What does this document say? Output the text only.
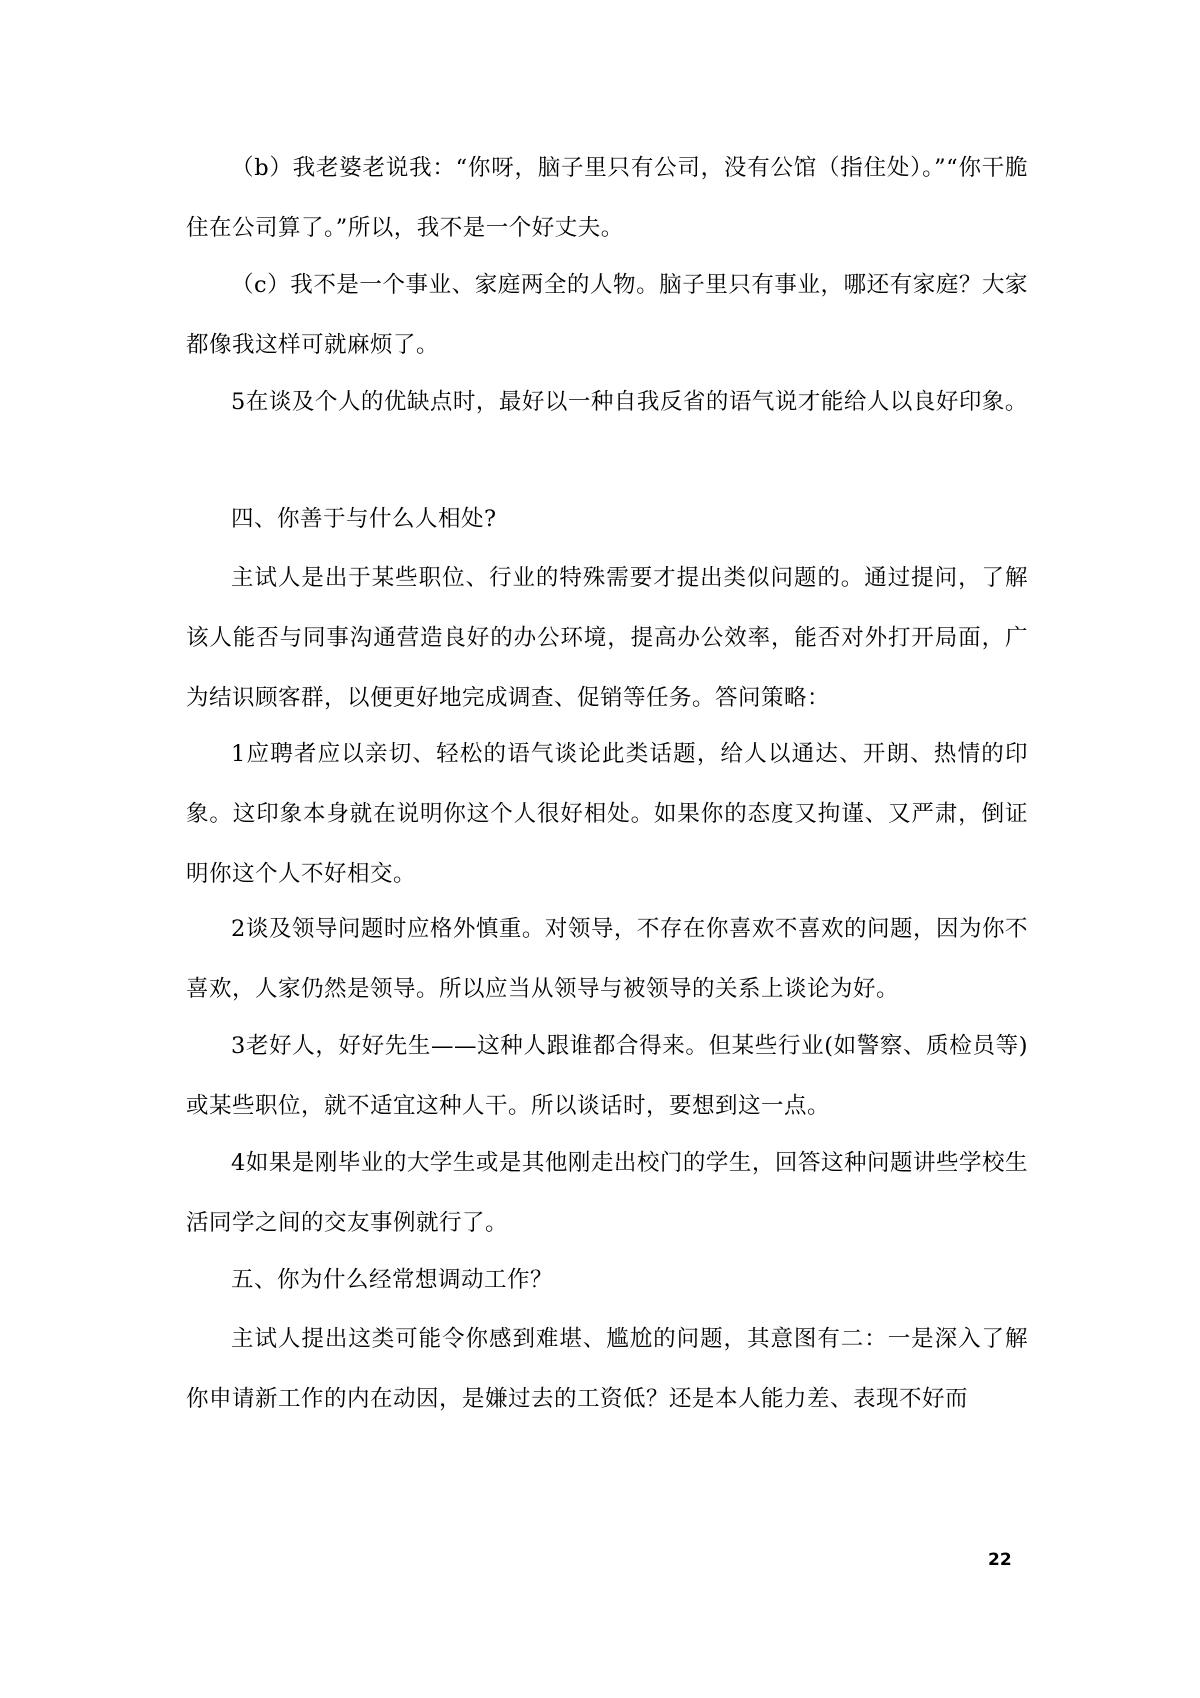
（b）我老婆老说我：“你呀，脑子里只有公司，没有公馆（指住处）。”“你干脆住在公司算了。”所以，我不是一个好丈夫。

（c）我不是一个事业、家庭两全的人物。脑子里只有事业，哪还有家庭？大家都像我这样可就麻烦了。

5在谈及个人的优缺点时，最好以一种自我反省的语气说才能给人以良好印象。

四、你善于与什么人相处?

主试人是出于某些职位、行业的特殊需要才提出类似问题的。通过提问，了解该人能否与同事沟通营造良好的办公环境，提高办公效率，能否对外打开局面，广为结识顾客群，以便更好地完成调查、促销等任务。答问策略：

1应聘者应以亲切、轻松的语气谈论此类话题，给人以通达、开朗、热情的印象。这印象本身就在说明你这个人很好相处。如果你的态度又拘谨、又严肃，倒证明你这个人不好相交。

2谈及领导问题时应格外慎重。对领导，不存在你喜欢不喜欢的问题，因为你不喜欢，人家仍然是领导。所以应当从领导与被领导的关系上谈论为好。

3老好人，好好先生——这种人跟谁都合得来。但某些行业(如警察、质检员等)或某些职位，就不适宜这种人干。所以谈话时，要想到这一点。

4如果是刚毕业的大学生或是其他刚走出校门的学生，回答这种问题讲些学校生活同学之间的交友事例就行了。

五、你为什么经常想调动工作？

主试人提出这类可能令你感到难堪、尴尬的问题，其意图有二：一是深入了解你申请新工作的内在动因，是嫌过去的工资低？还是本人能力差、表现不好而

22
